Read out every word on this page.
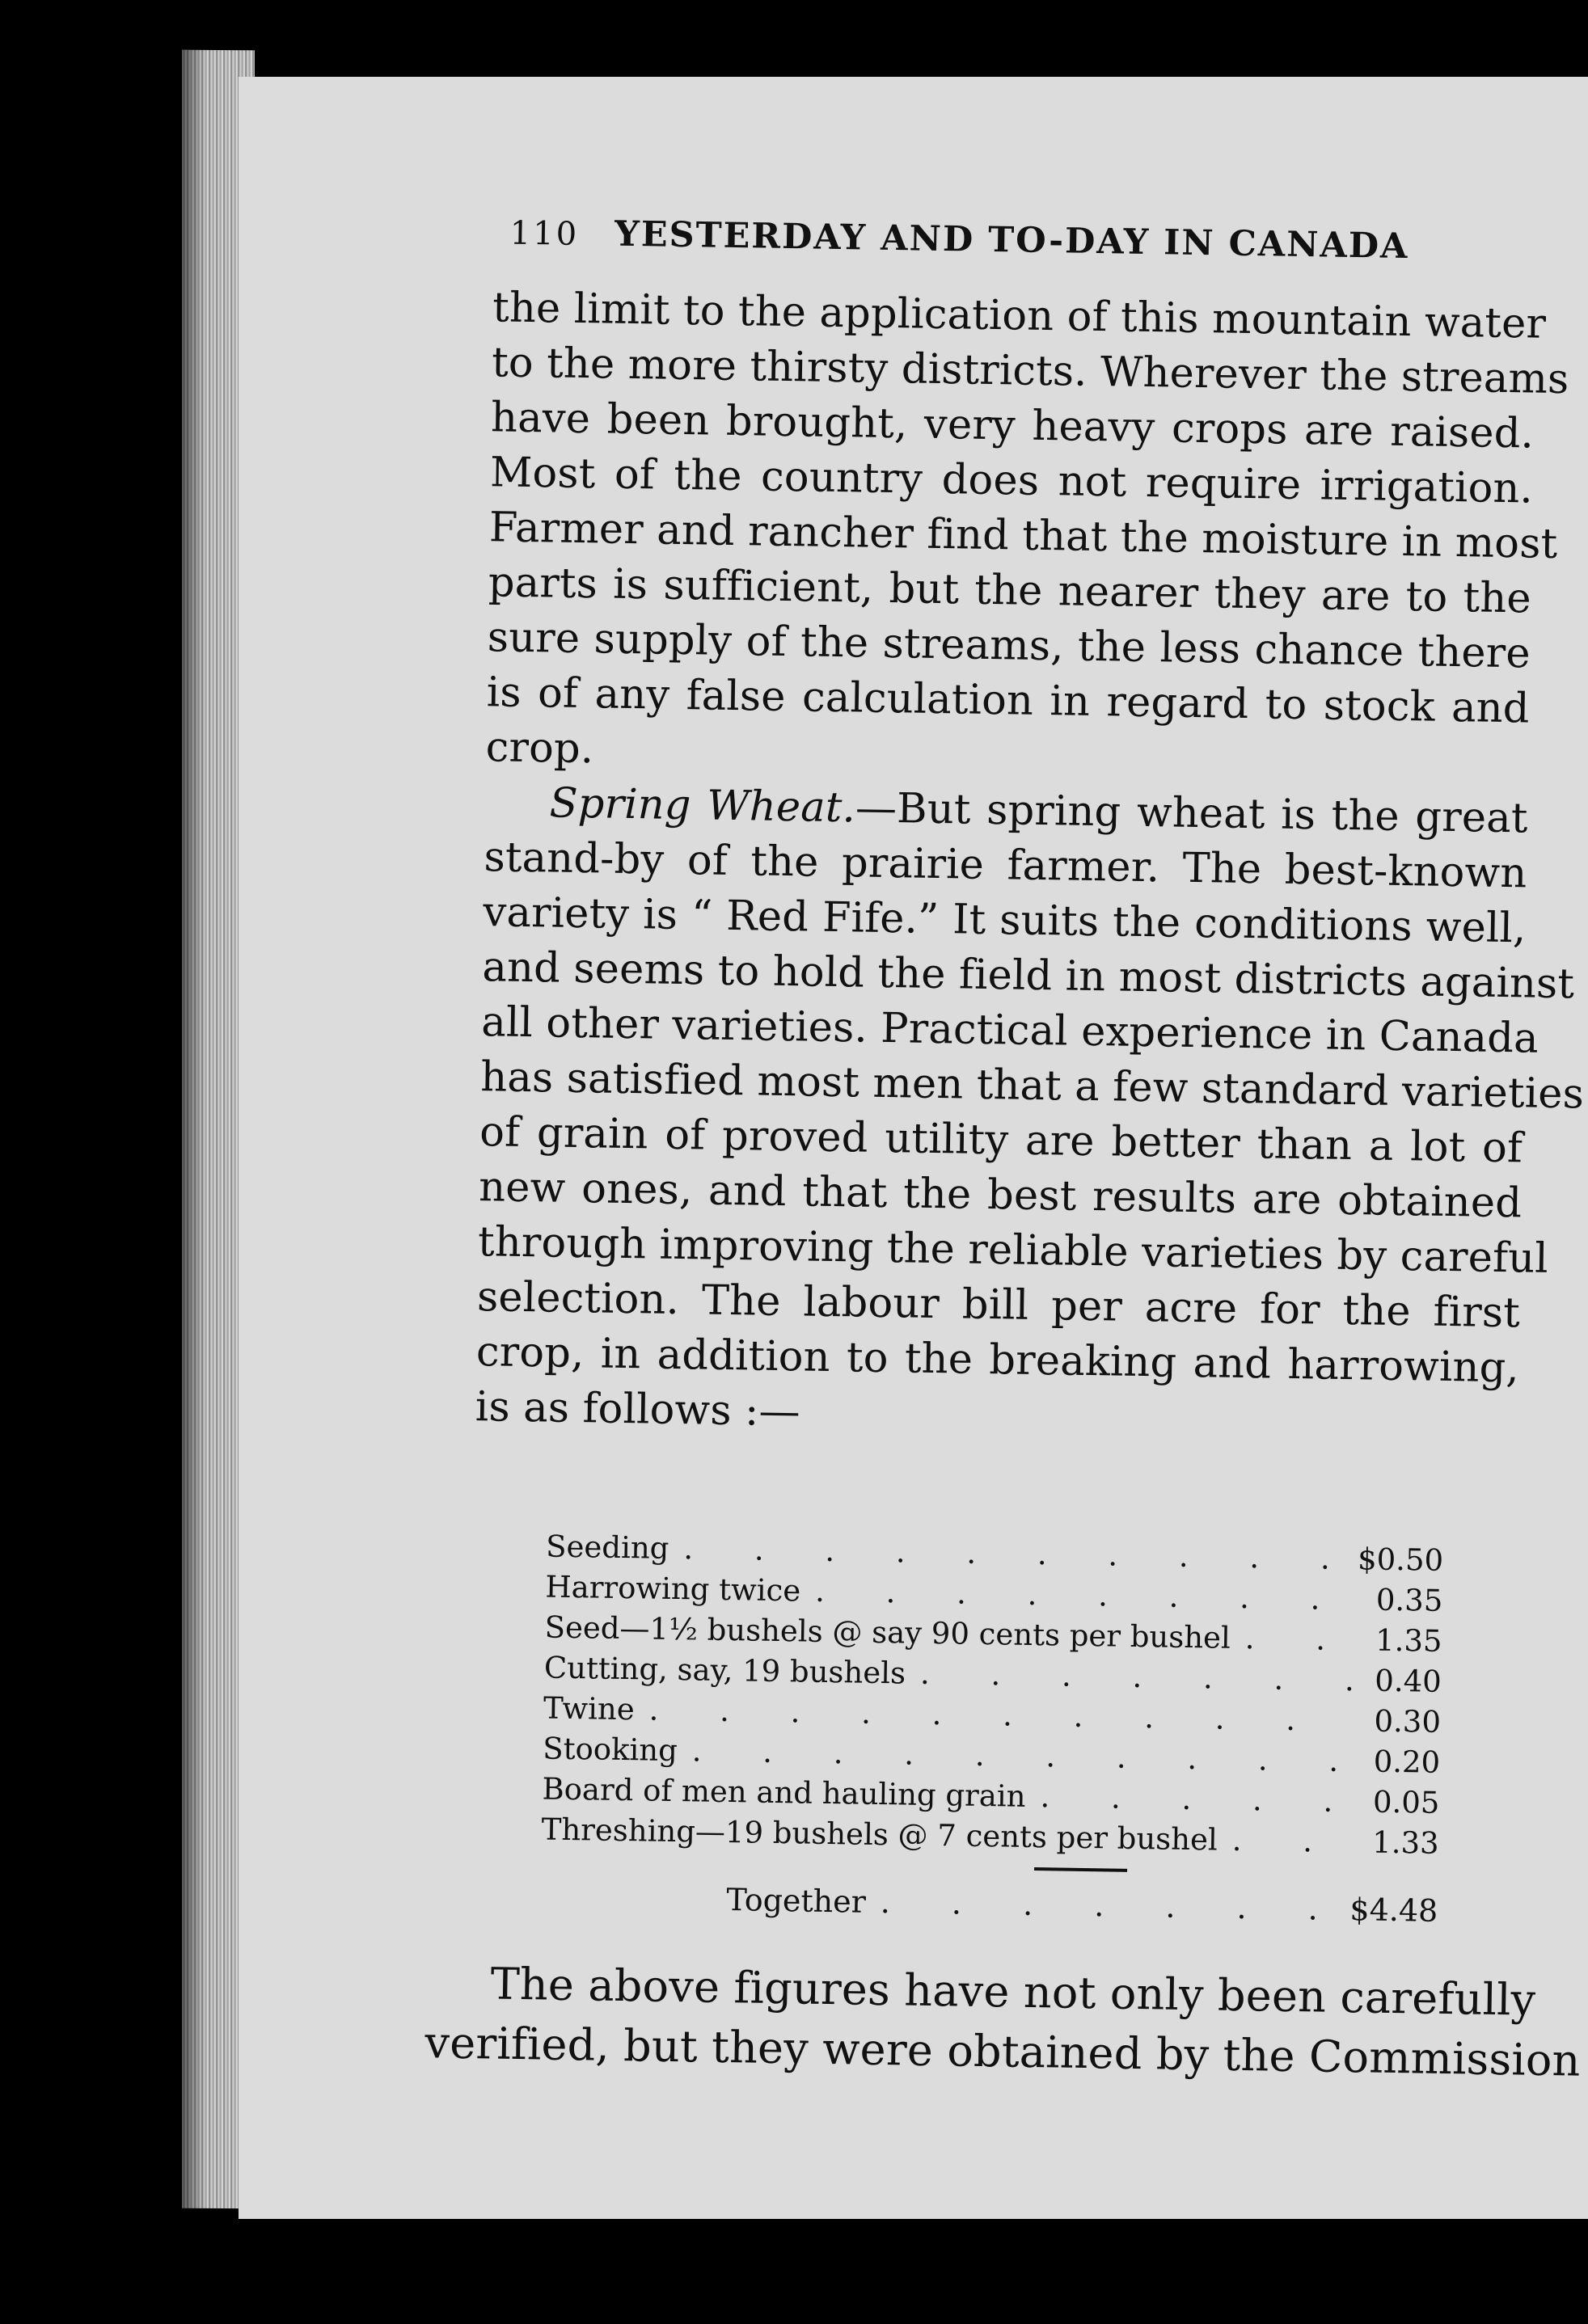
110 YESTERDAY AND TO-DAY IN CANADA
the limit to the application of this mountain water
to the more thirsty districts. Wherever the streams
have been brought, very heavy crops are raised.
Most of the country does not require irrigation.
Farmer and rancher find that the moisture in most
parts is sufficient, but the nearer they are to the
sure supply of the streams, the less chance there
is of any false calculation in regard to stock and
crop.
Spring Wheat.—But spring wheat is the great
stand-by of the prairie farmer. The best-known
variety is “ Red Fife.” It suits the conditions well,
and seems to hold the field in most districts against
all other varieties. Practical experience in Canada
has satisfied most men that a few standard varieties
of grain of proved utility are better than a lot of
new ones, and that the best results are obtained
through improving the reliable varieties by careful
selection. The labour bill per acre for the first
crop, in addition to the breaking and harrowing,
is as follows :—
Seeding . . .	$0.50
Harrowing twice . . .	0.35
Seed—1½ bushels @ say 90 cents per bushel . . .	1.35
Cutting, say, 19 bushels . . .	0.40
Twine . . .	0.30
Stooking . . .	0.20
Board of men and hauling grain . . .	0.05
Threshing—19 bushels @ 7 cents per bushel . . .	1.33
Together . . .	$4.48
The above figures have not only been carefully
verified, but they were obtained by the Commission
